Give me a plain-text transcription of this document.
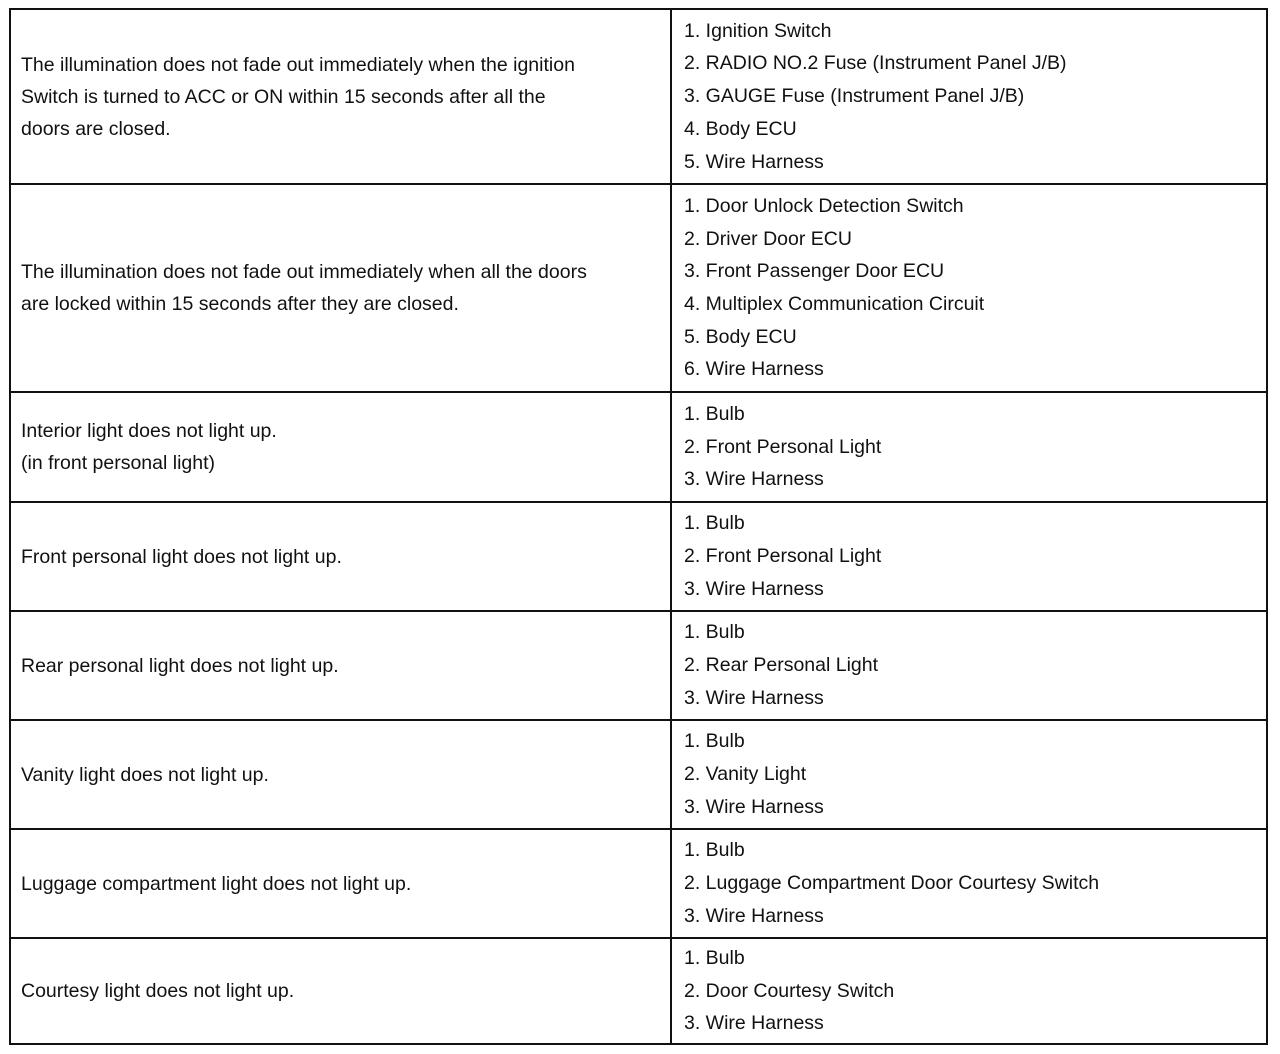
The illumination does not fade out immediately when the ignition
Switch is turned to ACC or ON within 15 seconds after all the
doors are closed.
1. Ignition Switch
2. RADIO NO.2 Fuse (Instrument Panel J/B)
3. GAUGE Fuse (Instrument Panel J/B)
4. Body ECU
5. Wire Harness
The illumination does not fade out immediately when all the doors
are locked within 15 seconds after they are closed.
1. Door Unlock Detection Switch
2. Driver Door ECU
3. Front Passenger Door ECU
4. Multiplex Communication Circuit
5. Body ECU
6. Wire Harness
Interior light does not light up.
(in front personal light)
1. Bulb
2. Front Personal Light
3. Wire Harness
Front personal light does not light up.
1. Bulb
2. Front Personal Light
3. Wire Harness
Rear personal light does not light up.
1. Bulb
2. Rear Personal Light
3. Wire Harness
Vanity light does not light up.
1. Bulb
2. Vanity Light
3. Wire Harness
Luggage compartment light does not light up.
1. Bulb
2. Luggage Compartment Door Courtesy Switch
3. Wire Harness
Courtesy light does not light up.
1. Bulb
2. Door Courtesy Switch
3. Wire Harness
